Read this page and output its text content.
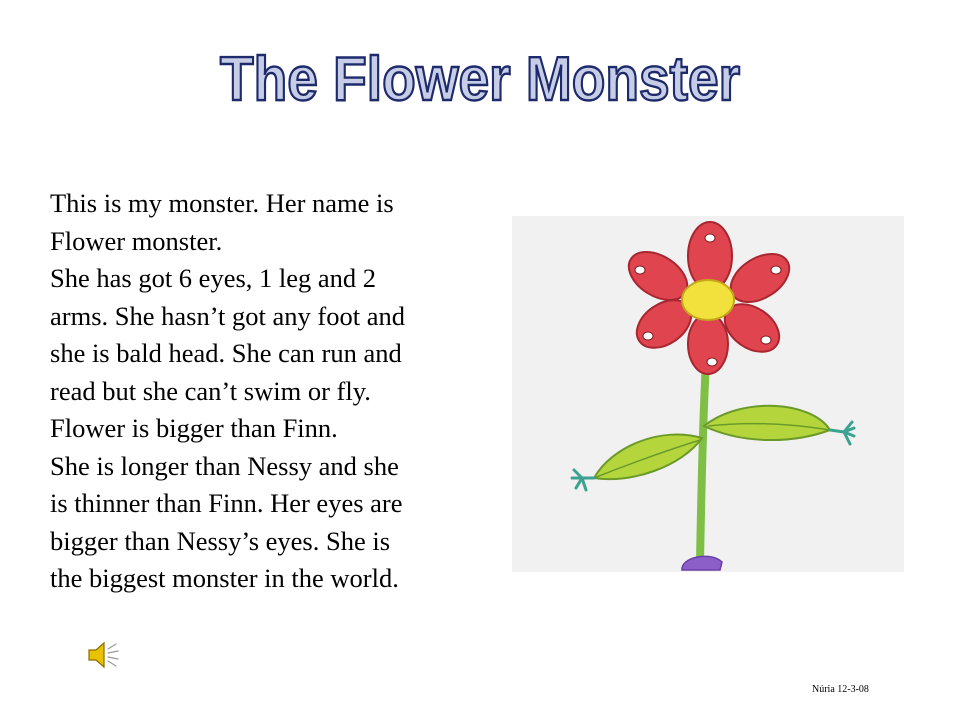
The Flower Monster

This is my monster. Her name is

Flower monster.

She has got 6 eyes, 1 leg and 2

arms. She hasn’t got any foot and

she is bald head. She can run and

read but she can’t swim or fly.

Flower is bigger than Finn.

She is longer than Nessy and she

is thinner than Finn. Her eyes are

bigger than Nessy’s eyes. She is

the biggest monster in the world.

Núria 12-3-08
